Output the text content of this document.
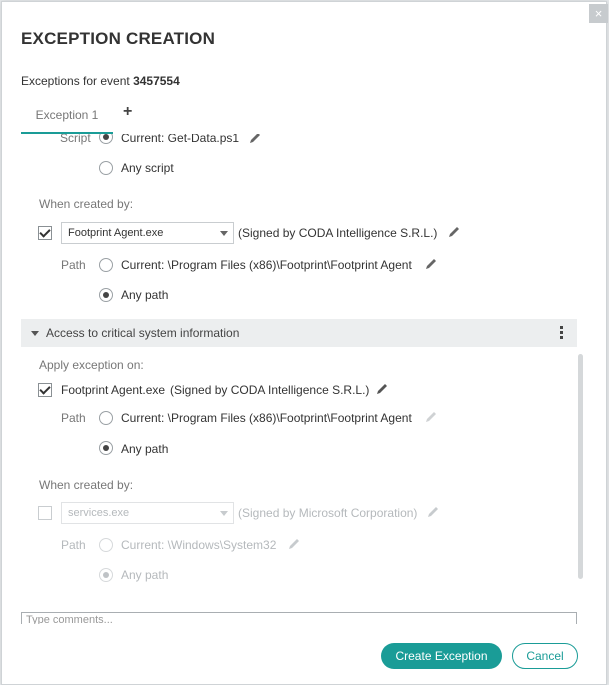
×
EXCEPTION CREATION
Exceptions for event 3457554
Exception 1	+
Script	Current: Get-Data.ps1
Any script
When created by:
Footprint Agent.exe	(Signed by CODA Intelligence S.R.L.)
Path	Current: \Program Files (x86)\Footprint\Footprint Agent
Any path
Access to critical system information
Apply exception on:
Footprint Agent.exe (Signed by CODA Intelligence S.R.L.)
Path	Current: \Program Files (x86)\Footprint\Footprint Agent
Any path
When created by:
services.exe	(Signed by Microsoft Corporation)
Path	Current: \Windows\System32
Any path
Type comments...
Create Exception	Cancel
